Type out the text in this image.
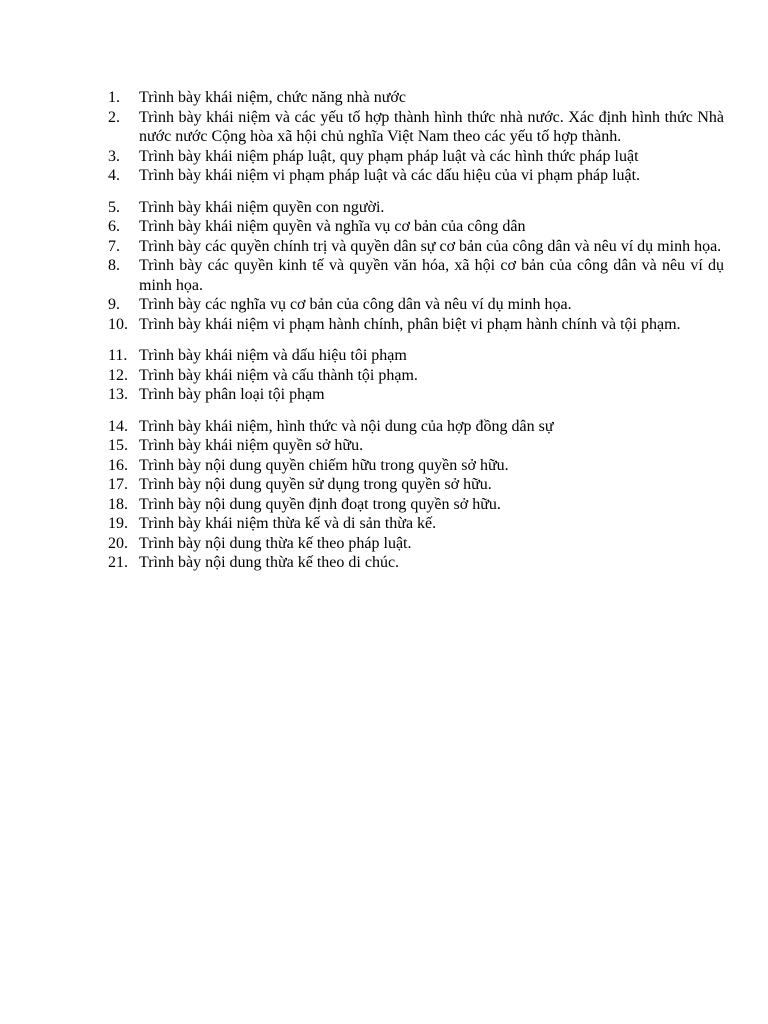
1.	Trình bày khái niệm, chức năng nhà nước
2.	Trình bày khái niệm và các yếu tố hợp thành hình thức nhà nước. Xác định hình thức Nhà nước nước Cộng hòa xã hội chủ nghĩa Việt Nam theo các yếu tố hợp thành.
3.	Trình bày khái niệm pháp luật, quy phạm pháp luật và các hình thức pháp luật
4.	Trình bày khái niệm vi phạm pháp luật và các dấu hiệu của vi phạm pháp luật.
5.	Trình bày khái niệm quyền con người.
6.	Trình bày khái niệm quyền và nghĩa vụ cơ bản của công dân
7.	Trình bày các quyền chính trị và quyền dân sự cơ bản của công dân và nêu ví dụ minh họa.
8.	Trình bày các quyền kinh tế và quyền văn hóa, xã hội cơ bản của công dân và nêu ví dụ minh họa.
9.	Trình bày các nghĩa vụ cơ bản của công dân và nêu ví dụ minh họa.
10. Trình bày khái niệm vi phạm hành chính, phân biệt vi phạm hành chính và tội phạm.
11. Trình bày khái niệm và dấu hiệu tôi phạm
12. Trình bày khái niệm và cấu thành tội phạm.
13. Trình bày phân loại tội phạm
14. Trình bày khái niệm, hình thức và nội dung của hợp đồng dân sự
15. Trình bày khái niệm quyền sở hữu.
16. Trình bày nội dung quyền chiếm hữu trong quyền sở hữu.
17. Trình bày nội dung quyền sử dụng trong quyền sở hữu.
18. Trình bày nội dung quyền định đoạt trong quyền sở hữu.
19. Trình bày khái niệm thừa kế và di sản thừa kế.
20. Trình bày nội dung thừa kế theo pháp luật.
21. Trình bày nội dung thừa kế theo di chúc.
